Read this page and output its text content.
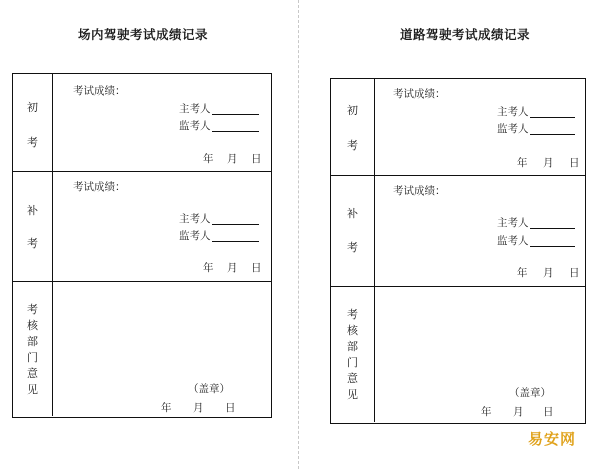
场内驾驶考试成绩记录
初
考
考试成绩：
主考人
监考人
年 月 日
补
考
考试成绩：
主考人
监考人
年 月 日
考
核
部
门
意
见	（盖章）
年 月 日
道路驾驶考试成绩记录
初
考
考试成绩：
主考人
监考人
年 月 日
补
考
考试成绩：
主考人
监考人
年 月 日
考
核
部
门
意
见	（盖章）
年 月 日
易安网
